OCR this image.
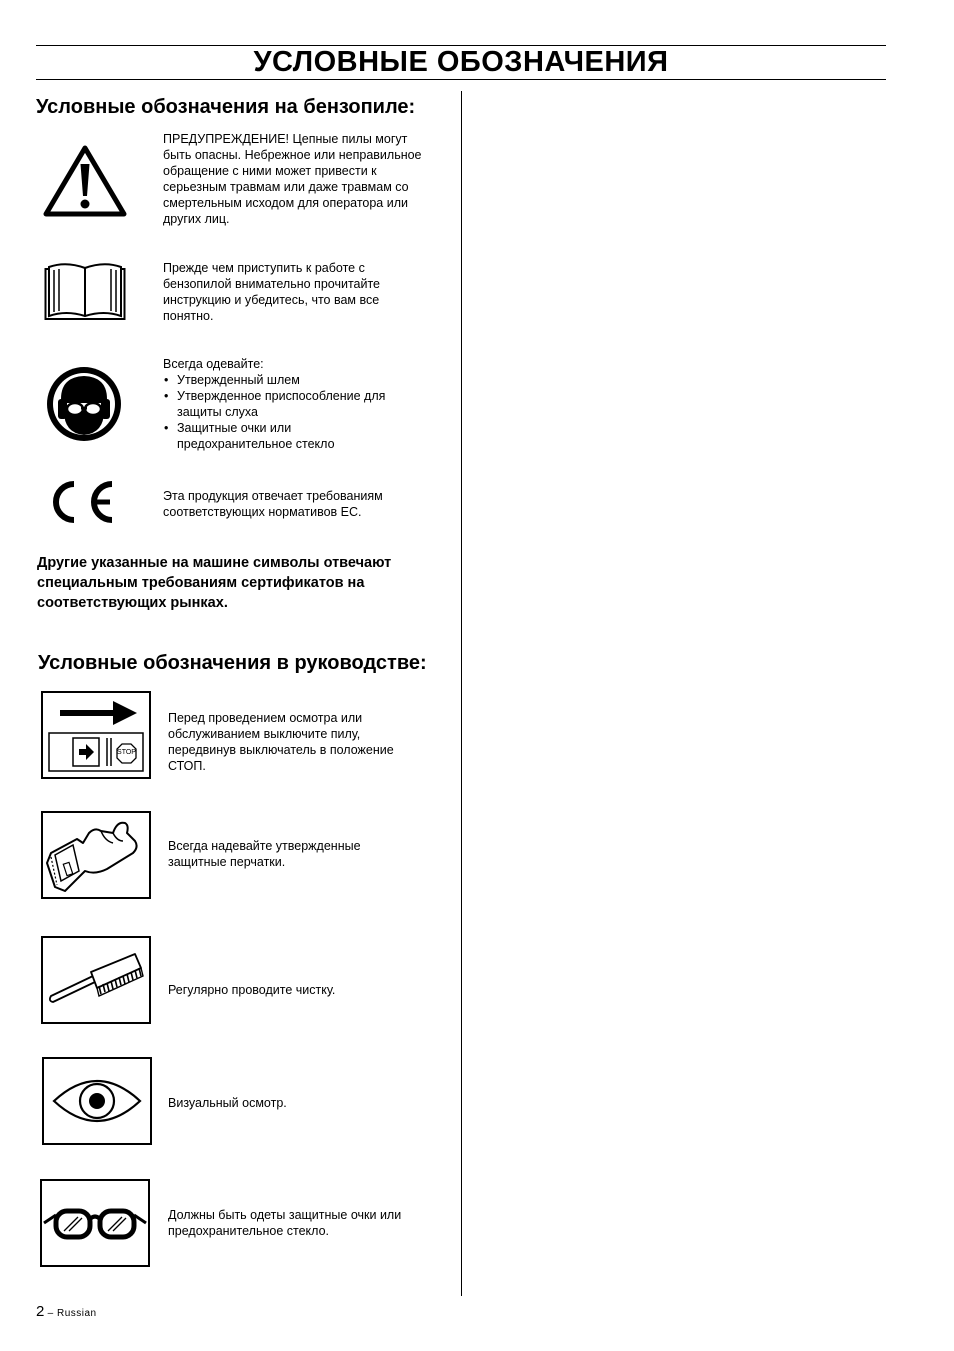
УСЛОВНЫЕ ОБОЗНАЧЕНИЯ
Условные обозначения на бензопиле:
ПРЕДУПРЕЖДЕНИЕ! Цепные пилы могут
быть опасны. Небрежное или неправильное
обращение с ними может привести к
серьезным травмам или даже травмам со
смертельным исходом для оператора или
других лиц.
Прежде чем приступить к работе с
бензопилой внимательно прочитайте
инструкцию и убедитесь, что вам все
понятно.
Всегда одевайте:
• Утвержденный шлем
• Утвержденное приспособление для
защиты слуха
• Защитные очки или
предохранительное стекло
Эта продукция отвечает требованиям
соответствующих нормативов ЕС.
Другие указанные на машине символы отвечают
специальным требованиям сертификатов на
соответствующих рынках.
Условные обозначения в руководстве:
STOP
Перед проведением осмотра или
обслуживанием выключите пилу,
передвинув выключатель в положение
СТОП.
Всегда надевайте утвержденные
защитные перчатки.
Регулярно проводите чистку.
Визуальный осмотр.
Должны быть одеты защитные очки или
предохранительное стекло.
2 – Russian
